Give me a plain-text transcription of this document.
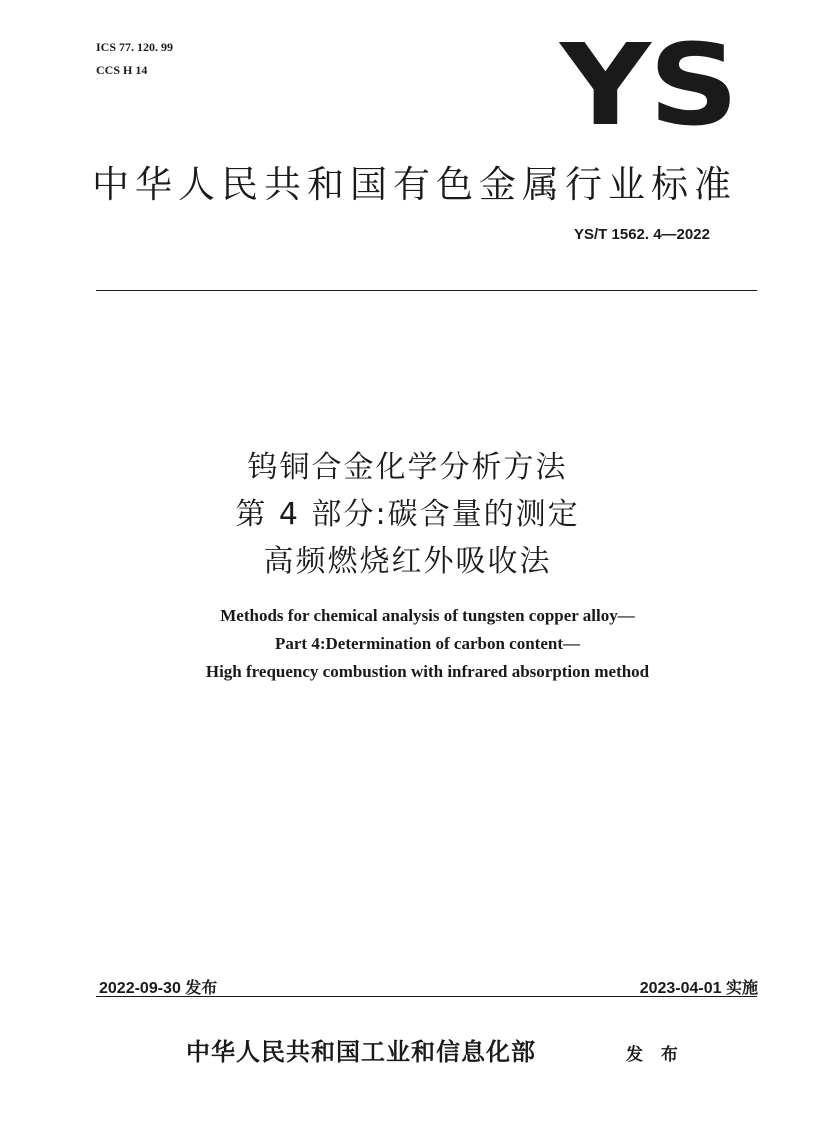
ICS 77. 120. 99
CCS H 14	YS
中华人民共和国有色金属行业标准
YS/T 1562. 4—2022
钨铜合金化学分析方法
第 4 部分:碳含量的测定
高频燃烧红外吸收法
Methods for chemical analysis of tungsten copper alloy—
Part 4:Determination of carbon content—
High frequency combustion with infrared absorption method
2022-09-30 发布	2023-04-01 实施
中华人民共和国工业和信息化部	发 布
